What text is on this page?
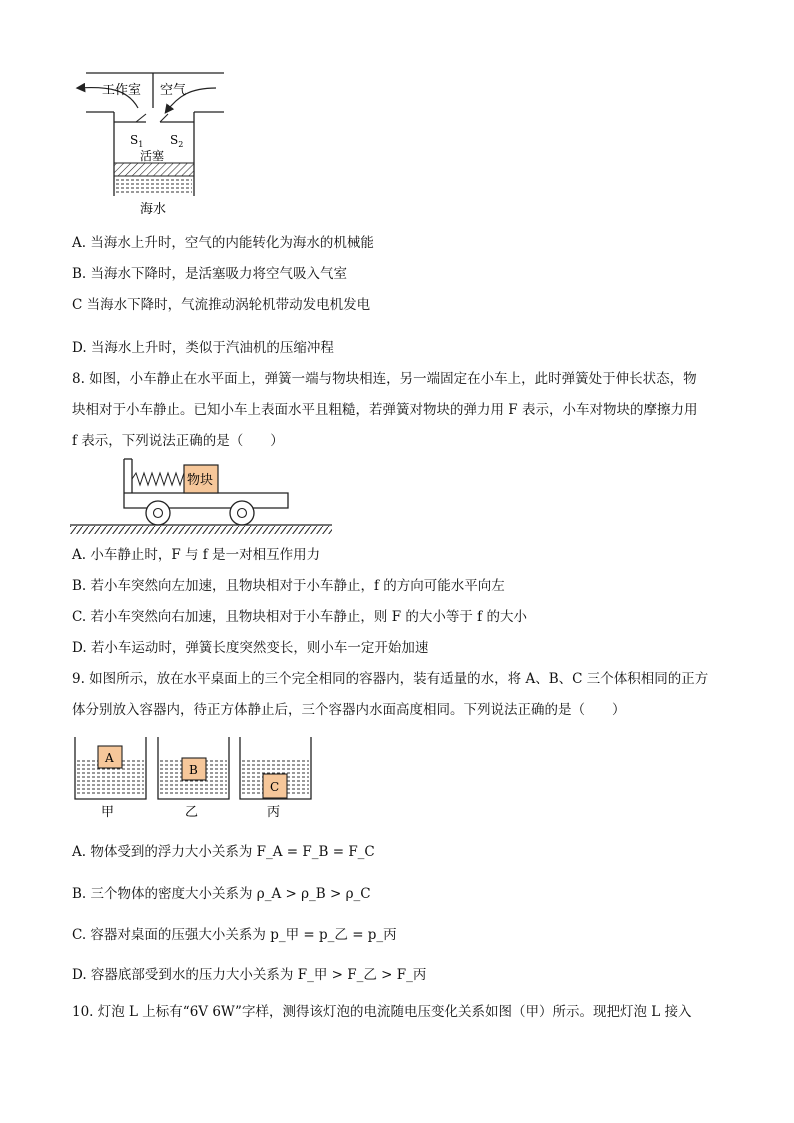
工作室 空气
$S_1$ $S_2$
活塞
海水
A. 当海水上升时，空气的内能转化为海水的机械能
B. 当海水下降时，是活塞吸力将空气吸入气室
C 当海水下降时，气流推动涡轮机带动发电机发电
D. 当海水上升时，类似于汽油机的压缩冲程
8. 如图，小车静止在水平面上，弹簧一端与物块相连，另一端固定在小车上，此时弹簧处于伸长状态，物
块相对于小车静止。已知小车上表面水平且粗糙，若弹簧对物块的弹力用 F 表示，小车对物块的摩擦力用
f 表示，下列说法正确的是（　　）
物块
A. 小车静止时，F 与 f 是一对相互作用力
B. 若小车突然向左加速，且物块相对于小车静止，f 的方向可能水平向左
C. 若小车突然向右加速，且物块相对于小车静止，则 F 的大小等于 f 的大小
D. 若小车运动时，弹簧长度突然变长，则小车一定开始加速
9. 如图所示，放在水平桌面上的三个完全相同的容器内，装有适量的水，将 A、B、C 三个体积相同的正方
体分别放入容器内，待正方体静止后，三个容器内水面高度相同。下列说法正确的是（　　）
A
甲
B
乙
C
丙
A. 物体受到的浮力大小关系为 F_A = F_B = F_C
B. 三个物体的密度大小关系为 ρ_A > ρ_B > ρ_C
C. 容器对桌面的压强大小关系为 p_甲 = p_乙 = p_丙
D. 容器底部受到水的压力大小关系为 F_甲 > F_乙 > F_丙
10. 灯泡 L 上标有“6V 6W”字样，测得该灯泡的电流随电压变化关系如图（甲）所示。现把灯泡 L 接入
